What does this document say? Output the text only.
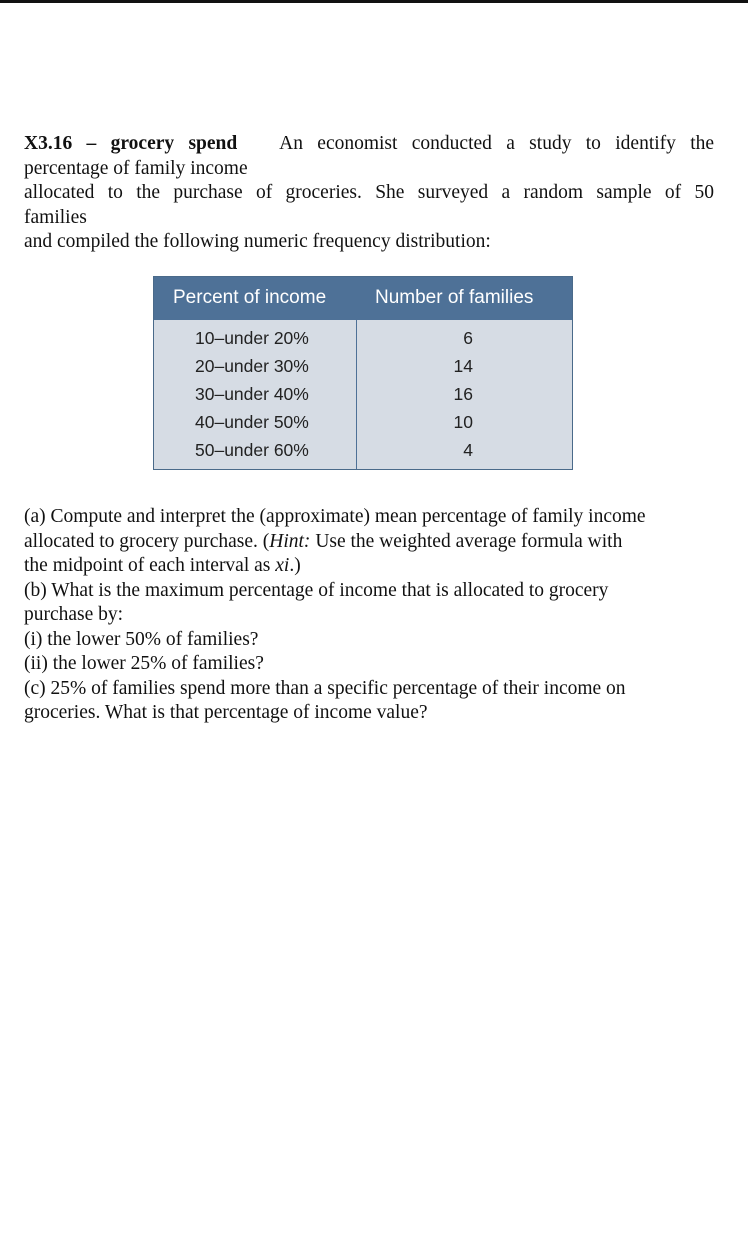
X3.16 – grocery spend An economist conducted a study to identify the
percentage of family income
allocated to the purchase of groceries. She surveyed a random sample of 50
families
and compiled the following numeric frequency distribution:
Percent of income	Number of families
10–under 20%	6
20–under 30%	14
30–under 40%	16
40–under 50%	10
50–under 60%	4
(a) Compute and interpret the (approximate) mean percentage of family income
allocated to grocery purchase. (Hint: Use the weighted average formula with
the midpoint of each interval as xi.)
(b) What is the maximum percentage of income that is allocated to grocery
purchase by:
(i) the lower 50% of families?
(ii) the lower 25% of families?
(c) 25% of families spend more than a specific percentage of their income on
groceries. What is that percentage of income value?
